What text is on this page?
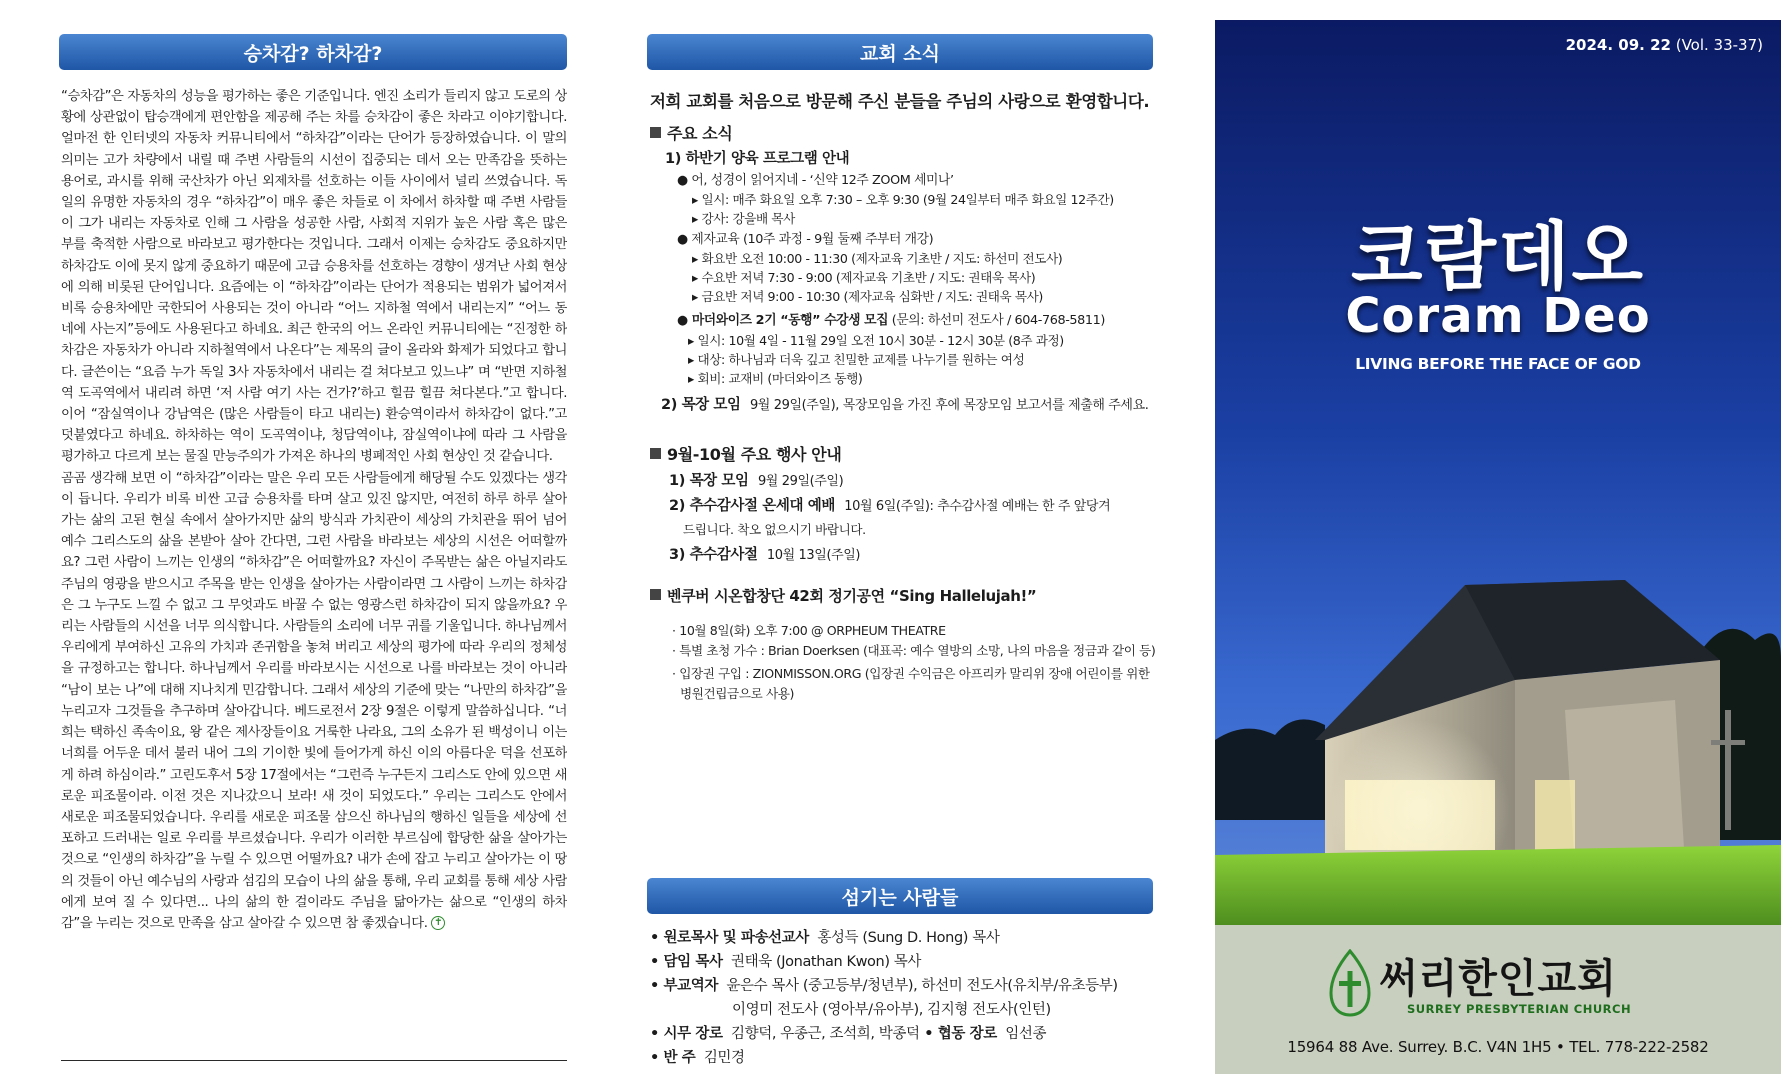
승차감? 하차감?

“승차감”은 자동차의 성능을 평가하는 좋은 기준입니다. 엔진 소리가 들리지 않고 도로의 상황에 상관없이 탑승객에게 편안함을 제공해 주는 차를 승차감이 좋은 차라고 이야기합니다. 얼마전 한 인터넷의 자동차 커뮤니티에서 “하차감”이라는 단어가 등장하였습니다. 이 말의 의미는 고가 차량에서 내릴 때 주변 사람들의 시선이 집중되는 데서 오는 만족감을 뜻하는 용어로, 과시를 위해 국산차가 아닌 외제차를 선호하는 이들 사이에서 널리 쓰였습니다. 독일의 유명한 자동차의 경우 “하차감”이 매우 좋은 차들로 이 차에서 하차할 때 주변 사람들이 그가 내리는 자동차로 인해 그 사람을 성공한 사람, 사회적 지위가 높은 사람 혹은 많은 부를 축적한 사람으로 바라보고 평가한다는 것입니다. 그래서 이제는 승차감도 중요하지만 하차감도 이에 못지 않게 중요하기 때문에 고급 승용차를 선호하는 경향이 생겨난 사회 현상에 의해 비롯된 단어입니다. 요즘에는 이 “하차감”이라는 단어가 적용되는 범위가 넓어져서 비록 승용차에만 국한되어 사용되는 것이 아니라 “어느 지하철 역에서 내리는지” “어느 동네에 사는지”등에도 사용된다고 하네요. 최근 한국의 어느 온라인 커뮤니티에는 “진정한 하차감은 자동차가 아니라 지하철역에서 나온다”는 제목의 글이 올라와 화제가 되었다고 합니다. 글쓴이는 “요즘 누가 독일 3사 자동차에서 내리는 걸 쳐다보고 있느냐” 며 “반면 지하철역 도곡역에서 내리려 하면 ‘저 사람 여기 사는 건가?’하고 힐끔 힐끔 쳐다본다.”고 합니다. 이어 “잠실역이나 강남역은 (많은 사람들이 타고 내리는) 환승역이라서 하차감이 없다.”고 덧붙였다고 하네요. 하차하는 역이 도곡역이냐, 청담역이냐, 잠실역이냐에 따라 그 사람을 평가하고 다르게 보는 물질 만능주의가 가져온 하나의 병폐적인 사회 현상인 것 같습니다.

곰곰 생각해 보면 이 “하차감”이라는 말은 우리 모든 사람들에게 해당될 수도 있겠다는 생각이 듭니다. 우리가 비록 비싼 고급 승용차를 타며 살고 있진 않지만, 여전히 하루 하루 살아가는 삶의 고된 현실 속에서 살아가지만 삶의 방식과 가치관이 세상의 가치관을 뛰어 넘어 예수 그리스도의 삶을 본받아 살아 간다면, 그런 사람을 바라보는 세상의 시선은 어떠할까요? 그런 사람이 느끼는 인생의 “하차감”은 어떠할까요? 자신이 주목받는 삶은 아닐지라도 주님의 영광을 받으시고 주목을 받는 인생을 살아가는 사람이라면 그 사람이 느끼는 하차감은 그 누구도 느낄 수 없고 그 무엇과도 바꿀 수 없는 영광스런 하차감이 되지 않을까요? 우리는 사람들의 시선을 너무 의식합니다. 사람들의 소리에 너무 귀를 기울입니다. 하나님께서 우리에게 부여하신 고유의 가치과 존귀함을 놓쳐 버리고 세상의 평가에 따라 우리의 정체성을 규정하고는 합니다. 하나님께서 우리를 바라보시는 시선으로 나를 바라보는 것이 아니라 “남이 보는 나”에 대해 지나치게 민감합니다. 그래서 세상의 기준에 맞는 “나만의 하차감”을 누리고자 그것들을 추구하며 살아갑니다. 베드로전서 2장 9절은 이렇게 말씀하십니다. “너희는 택하신 족속이요, 왕 같은 제사장들이요 거룩한 나라요, 그의 소유가 된 백성이니 이는 너희를 어두운 데서 불러 내어 그의 기이한 빛에 들어가게 하신 이의 아름다운 덕을 선포하게 하려 하심이라.” 고린도후서 5장 17절에서는 “그런즉 누구든지 그리스도 안에 있으면 새로운 피조물이라. 이전 것은 지나갔으니 보라! 새 것이 되었도다.” 우리는 그리스도 안에서 새로운 피조물되었습니다. 우리를 새로운 피조물 삼으신 하나님의 행하신 일들을 세상에 선포하고 드러내는 일로 우리를 부르셨습니다. 우리가 이러한 부르심에 합당한 삶을 살아가는 것으로 “인생의 하차감”을 누릴 수 있으면 어떨까요? 내가 손에 잡고 누리고 살아가는 이 땅의 것들이 아닌 예수님의 사랑과 섬김의 모습이 나의 삶을 통해, 우리 교회를 통해 세상 사람에게 보여 질 수 있다면... 나의 삶의 한 걸이라도 주님을 닮아가는 삶으로 “인생의 하차감”을 누리는 것으로 만족을 삼고 살아갈 수 있으면 참 좋겠습니다. ✝

교회 소식
저희 교회를 처음으로 방문해 주신 분들을 주님의 사랑으로 환영합니다.
주요 소식
1) 하반기 양육 프로그램 안내
● 어, 성경이 읽어지네 - ‘신약 12주 ZOOM 세미나’
▸ 일시: 매주 화요일 오후 7:30 – 오후 9:30 (9월 24일부터 매주 화요일 12주간)
▸ 강사: 강을배 목사
● 제자교육 (10주 과정 - 9월 둘째 주부터 개강)
▸ 화요반 오전 10:00 - 11:30 (제자교육 기초반 / 지도: 하선미 전도사)
▸ 수요반 저녁 7:30 - 9:00 (제자교육 기초반 / 지도: 권태욱 목사)
▸ 금요반 저녁 9:00 - 10:30 (제자교육 심화반 / 지도: 권태욱 목사)
● 마더와이즈 2기 “동행” 수강생 모집 (문의: 하선미 전도사 / 604-768-5811)
▸ 일시: 10월 4일 - 11월 29일 오전 10시 30분 - 12시 30분 (8주 과정)
▸ 대상: 하나님과 더욱 깊고 친밀한 교제를 나누기를 원하는 여성
▸ 회비: 교재비 (마더와이즈 동행)
2) 목장 모임 9월 29일(주일), 목장모임을 가진 후에 목장모임 보고서를 제출해 주세요.
9월-10월 주요 행사 안내
1) 목장 모임 9월 29일(주일)
2) 추수감사절 온세대 예배 10월 6일(주일): 추수감사절 예배는 한 주 앞당겨
드립니다. 착오 없으시기 바랍니다.
3) 추수감사절 10월 13일(주일)
벤쿠버 시온합창단 42회 정기공연 “Sing Hallelujah!”
· 10월 8일(화) 오후 7:00 @ ORPHEUM THEATRE
· 특별 초청 가수 : Brian Doerksen (대표곡: 예수 열방의 소망, 나의 마음을 정금과 같이 등)
· 입장권 구입 : ZIONMISSON.ORG (입장권 수익금은 아프리카 말리위 장애 어린이를 위한
병원건립금으로 사용)
섬기는 사람들
• 원로목사 및 파송선교사 홍성득 (Sung D. Hong) 목사
• 담임 목사 권태욱 (Jonathan Kwon) 목사
• 부교역자 윤은수 목사 (중고등부/청년부), 하선미 전도사(유치부/유초등부)
이영미 전도사 (영아부/유아부), 김지형 전도사(인턴)
• 시무 장로 김향덕, 우종근, 조석희, 박종덕 • 협동 장로 임선종
• 반 주 김민경
2024. 09. 22 (Vol. 33-37)
코람데오
Coram Deo
LIVING BEFORE THE FACE OF GOD
써리한인교회
SURREY PRESBYTERIAN CHURCH
15964 88 Ave. Surrey. B.C. V4N 1H5 • TEL. 778-222-2582
